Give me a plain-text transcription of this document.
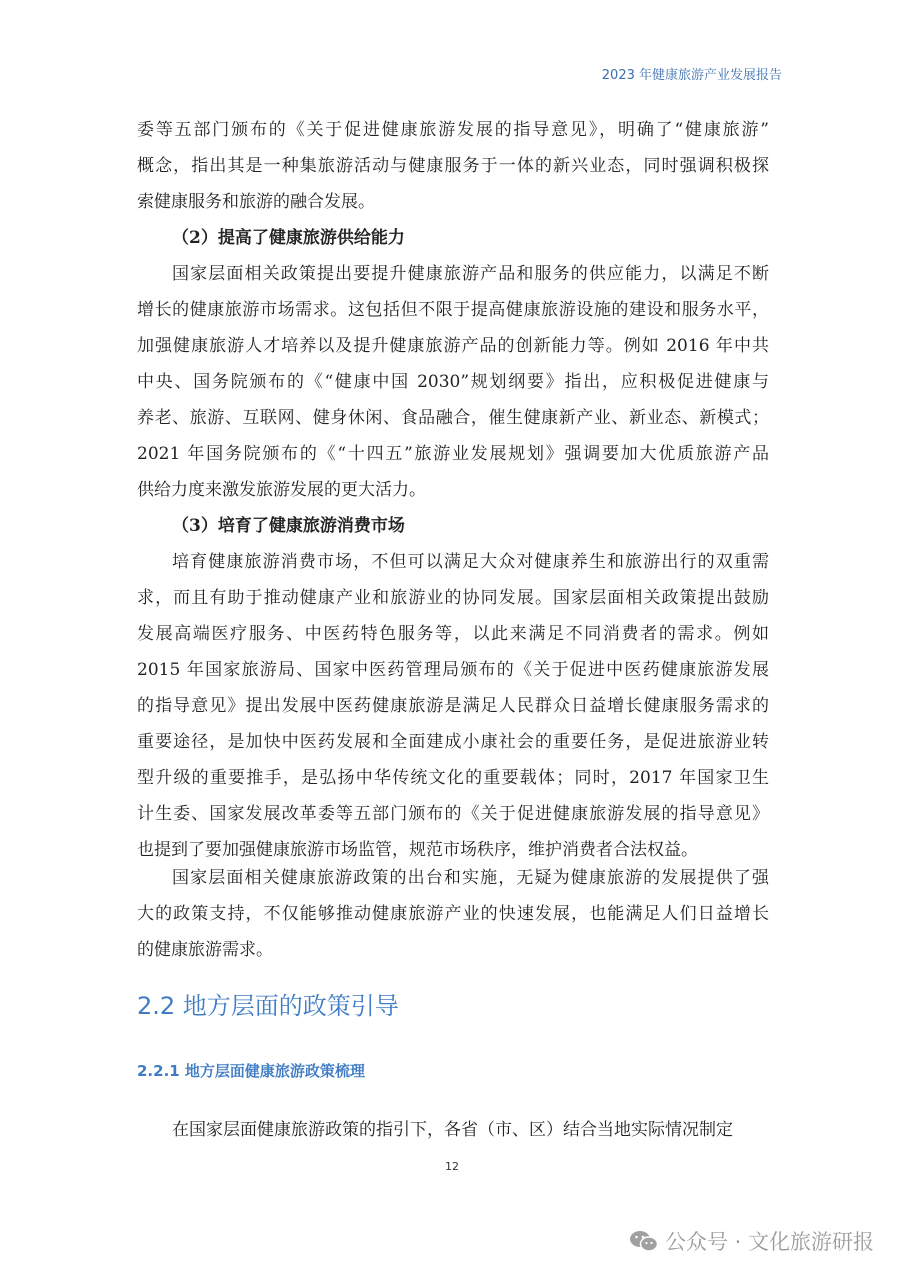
2023 年健康旅游产业发展报告
委等五部门颁布的《关于促进健康旅游发展的指导意见》，明确了“健康旅游”
概念，指出其是一种集旅游活动与健康服务于一体的新兴业态，同时强调积极探
索健康服务和旅游的融合发展。
（2）提高了健康旅游供给能力
国家层面相关政策提出要提升健康旅游产品和服务的供应能力，以满足不断
增长的健康旅游市场需求。这包括但不限于提高健康旅游设施的建设和服务水平，
加强健康旅游人才培养以及提升健康旅游产品的创新能力等。例如 2016 年中共
中央、国务院颁布的《“健康中国 2030”规划纲要》指出，应积极促进健康与
养老、旅游、互联网、健身休闲、食品融合，催生健康新产业、新业态、新模式；
2021 年国务院颁布的《“十四五”旅游业发展规划》强调要加大优质旅游产品
供给力度来激发旅游发展的更大活力。
（3）培育了健康旅游消费市场
培育健康旅游消费市场，不但可以满足大众对健康养生和旅游出行的双重需
求，而且有助于推动健康产业和旅游业的协同发展。国家层面相关政策提出鼓励
发展高端医疗服务、中医药特色服务等，以此来满足不同消费者的需求。例如
2015 年国家旅游局、国家中医药管理局颁布的《关于促进中医药健康旅游发展
的指导意见》提出发展中医药健康旅游是满足人民群众日益增长健康服务需求的
重要途径，是加快中医药发展和全面建成小康社会的重要任务，是促进旅游业转
型升级的重要推手，是弘扬中华传统文化的重要载体；同时，2017 年国家卫生
计生委、国家发展改革委等五部门颁布的《关于促进健康旅游发展的指导意见》
也提到了要加强健康旅游市场监管，规范市场秩序，维护消费者合法权益。
国家层面相关健康旅游政策的出台和实施，无疑为健康旅游的发展提供了强
大的政策支持，不仅能够推动健康旅游产业的快速发展，也能满足人们日益增长
的健康旅游需求。
2.2 地方层面的政策引导
2.2.1 地方层面健康旅游政策梳理
在国家层面健康旅游政策的指引下，各省（市、区）结合当地实际情况制定
12
公众号 · 文化旅游研报
